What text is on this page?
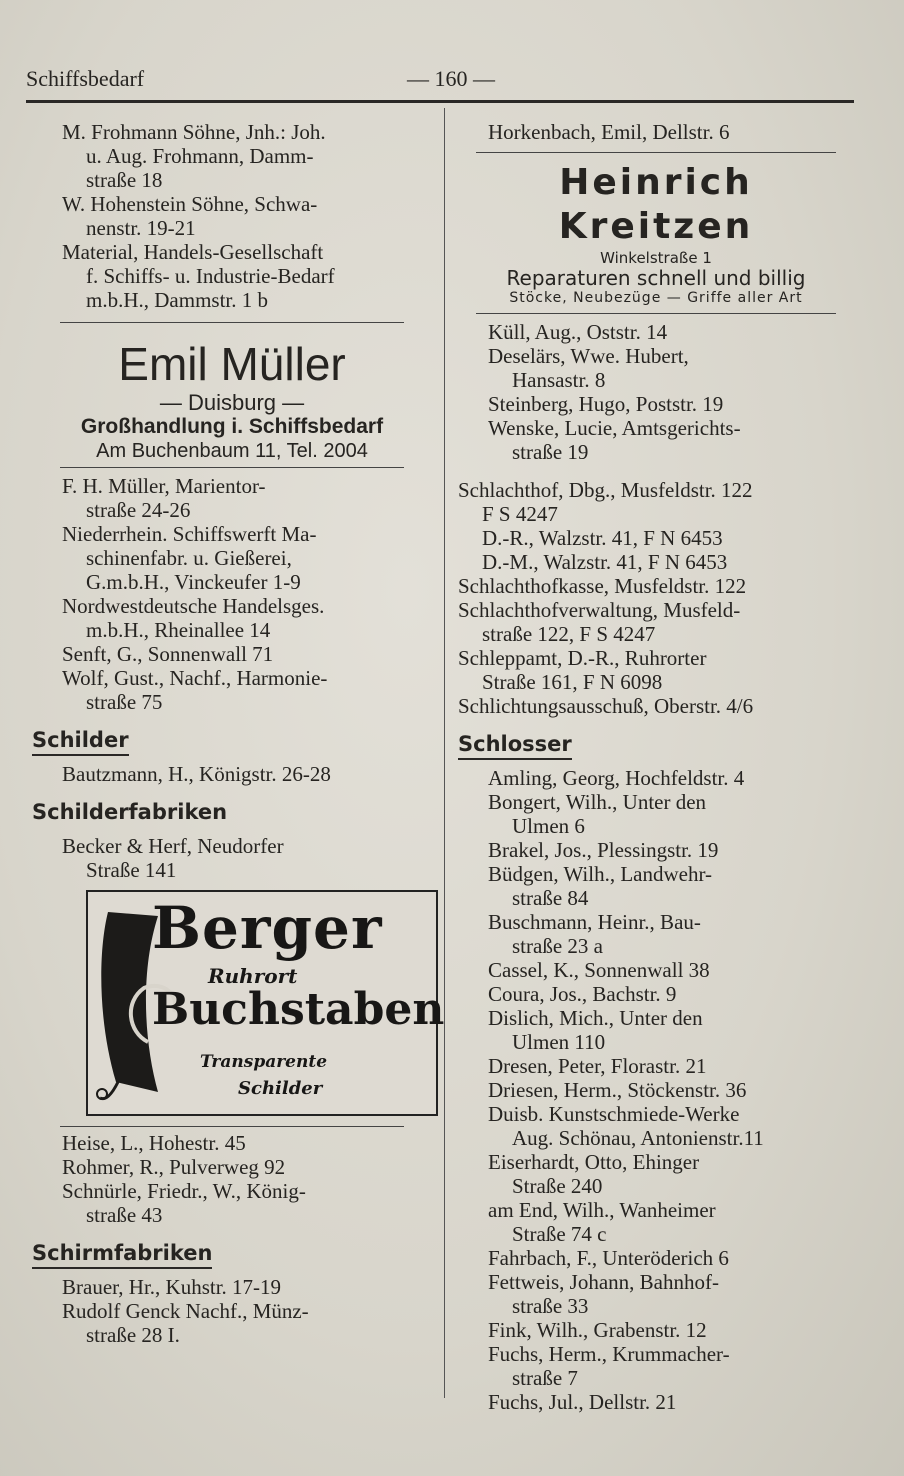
Schiffsbedarf	— 160 —
M. Frohmann Söhne, Jnh.: Joh.
u. Aug. Frohmann, Damm-
straße 18
W. Hohenstein Söhne, Schwa-
nenstr. 19-21
Material, Handels-Gesellschaft
f. Schiffs- u. Industrie-Bedarf
m.b.H., Dammstr. 1 b
Emil Müller
— Duisburg —
Großhandlung i. Schiffsbedarf
Am Buchenbaum 11, Tel. 2004
F. H. Müller, Marientor-
straße 24-26
Niederrhein. Schiffswerft Ma-
schinenfabr. u. Gießerei,
G.m.b.H., Vinckeufer 1-9
Nordwestdeutsche Handelsges.
m.b.H., Rheinallee 14
Senft, G., Sonnenwall 71
Wolf, Gust., Nachf., Harmonie-
straße 75
Schilder
Bautzmann, H., Königstr. 26-28
Schilderfabriken
Becker & Herf, Neudorfer
Straße 141
Berger
Ruhrort
Buchstaben
Transparente
Schilder
Heise, L., Hohestr. 45
Rohmer, R., Pulverweg 92
Schnürle, Friedr., W., König-
straße 43
Schirmfabriken
Brauer, Hr., Kuhstr. 17-19
Rudolf Genck Nachf., Münz-
straße 28 I.
Horkenbach, Emil, Dellstr. 6
Heinrich Kreitzen
Winkelstraße 1
Reparaturen schnell und billig
Stöcke, Neubezüge — Griffe aller Art
Küll, Aug., Oststr. 14
Deselärs, Wwe. Hubert,
Hansastr. 8
Steinberg, Hugo, Poststr. 19
Wenske, Lucie, Amtsgerichts-
straße 19
Schlachthof, Dbg., Musfeldstr. 122
F S 4247
D.-R., Walzstr. 41, F N 6453
D.-M., Walzstr. 41, F N 6453
Schlachthofkasse, Musfeldstr. 122
Schlachthofverwaltung, Musfeld-
straße 122, F S 4247
Schleppamt, D.-R., Ruhrorter
Straße 161, F N 6098
Schlichtungsausschuß, Oberstr. 4/6
Schlosser
Amling, Georg, Hochfeldstr. 4
Bongert, Wilh., Unter den
Ulmen 6
Brakel, Jos., Plessingstr. 19
Büdgen, Wilh., Landwehr-
straße 84
Buschmann, Heinr., Bau-
straße 23 a
Cassel, K., Sonnenwall 38
Coura, Jos., Bachstr. 9
Dislich, Mich., Unter den
Ulmen 110
Dresen, Peter, Florastr. 21
Driesen, Herm., Stöckenstr. 36
Duisb. Kunstschmiede-Werke
Aug. Schönau, Antonienstr.11
Eiserhardt, Otto, Ehinger
Straße 240
am End, Wilh., Wanheimer
Straße 74 c
Fahrbach, F., Unteröderich 6
Fettweis, Johann, Bahnhof-
straße 33
Fink, Wilh., Grabenstr. 12
Fuchs, Herm., Krummacher-
straße 7
Fuchs, Jul., Dellstr. 21
